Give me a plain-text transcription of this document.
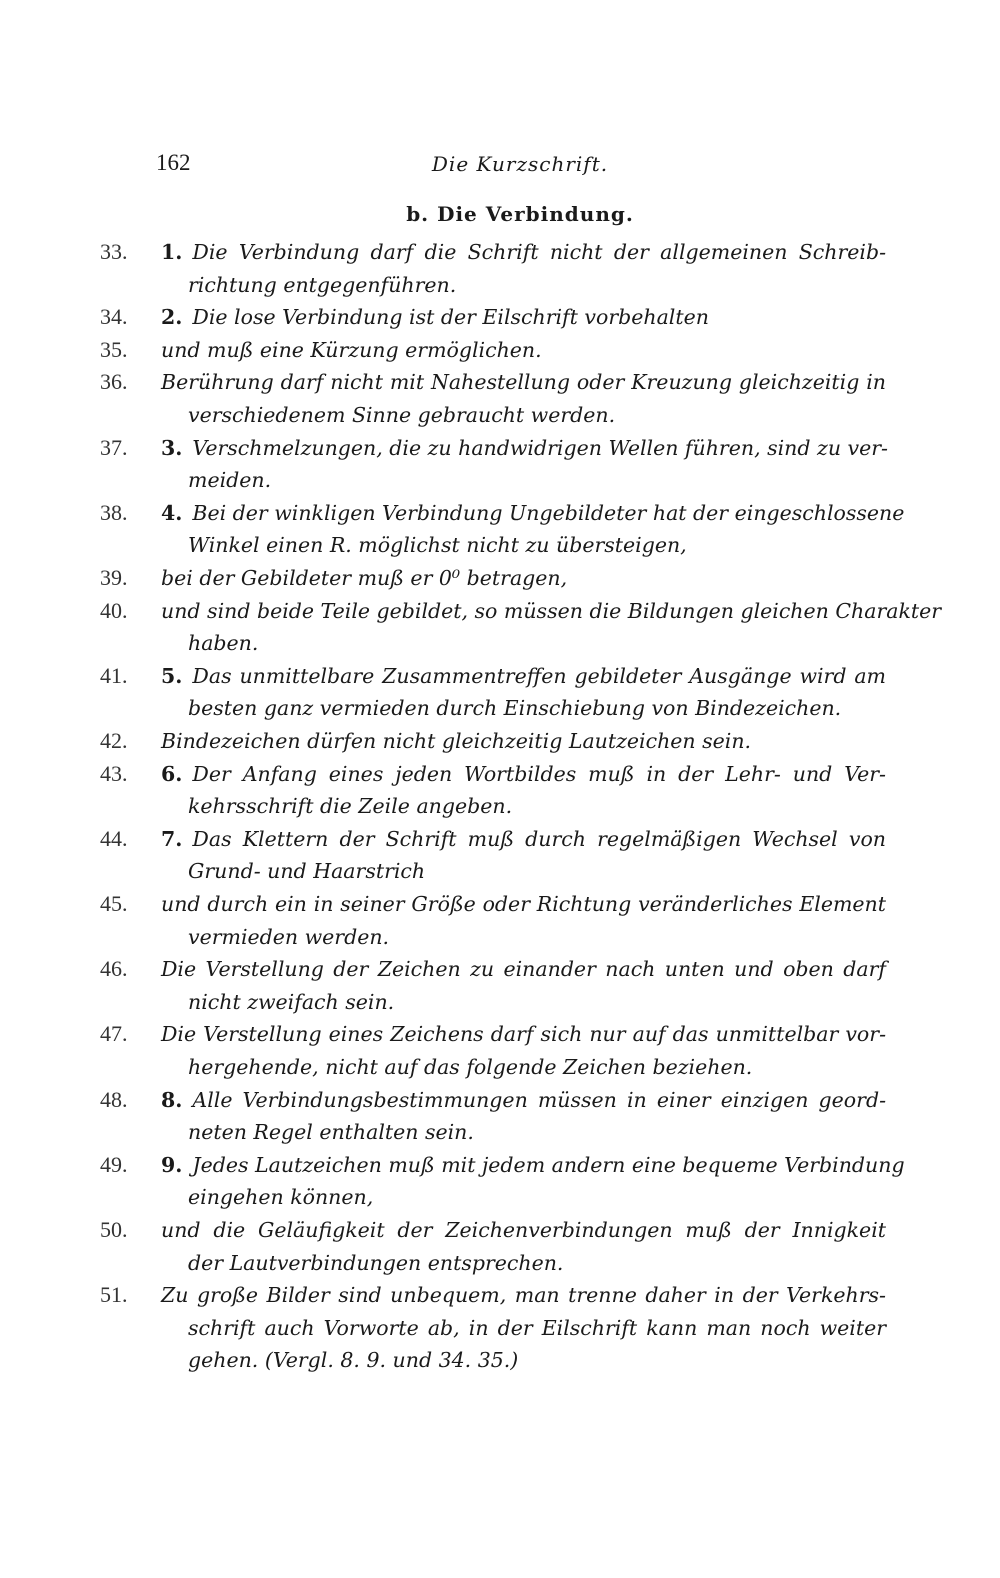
162	Die Kurzschrift.
b. Die Verbindung.
33.	1. Die Verbindung darf die Schrift nicht der allgemeinen Schreib-
richtung entgegenführen.
34.	2. Die lose Verbindung ist der Eilschrift vorbehalten
35.	und muß eine Kürzung ermöglichen.
36.	Berührung darf nicht mit Nahestellung oder Kreuzung gleichzeitig in
verschiedenem Sinne gebraucht werden.
37.	3. Verschmelzungen, die zu handwidrigen Wellen führen, sind zu ver-
meiden.
38.	4. Bei der winkligen Verbindung Ungebildeter hat der eingeschlossene
Winkel einen R. möglichst nicht zu übersteigen,
39.	bei der Gebildeter muß er 0⁰ betragen,
40.	und sind beide Teile gebildet, so müssen die Bildungen gleichen Charakter
haben.
41.	5. Das unmittelbare Zusammentreffen gebildeter Ausgänge wird am
besten ganz vermieden durch Einschiebung von Bindezeichen.
42.	Bindezeichen dürfen nicht gleichzeitig Lautzeichen sein.
43.	6. Der Anfang eines jeden Wortbildes muß in der Lehr- und Ver-
kehrsschrift die Zeile angeben.
44.	7. Das Klettern der Schrift muß durch regelmäßigen Wechsel von
Grund- und Haarstrich
45.	und durch ein in seiner Größe oder Richtung veränderliches Element
vermieden werden.
46.	Die Verstellung der Zeichen zu einander nach unten und oben darf
nicht zweifach sein.
47.	Die Verstellung eines Zeichens darf sich nur auf das unmittelbar vor-
hergehende, nicht auf das folgende Zeichen beziehen.
48.	8. Alle Verbindungsbestimmungen müssen in einer einzigen geord-
neten Regel enthalten sein.
49.	9. Jedes Lautzeichen muß mit jedem andern eine bequeme Verbindung
eingehen können,
50.	und die Geläufigkeit der Zeichenverbindungen muß der Innigkeit
der Lautverbindungen entsprechen.
51.	Zu große Bilder sind unbequem, man trenne daher in der Verkehrs-
schrift auch Vorworte ab, in der Eilschrift kann man noch weiter
gehen. (Vergl. 8. 9. und 34. 35.)
